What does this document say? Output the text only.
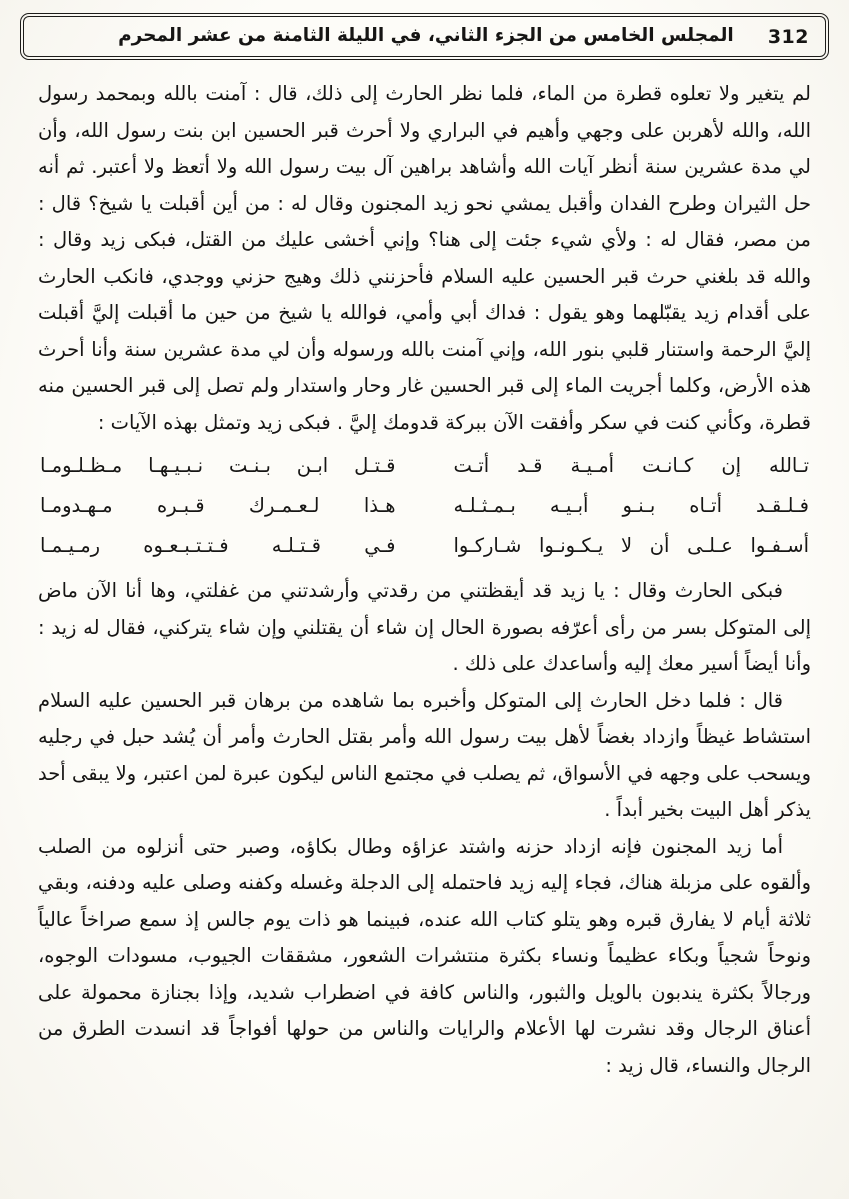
312
المجلس الخامس من الجزء الثاني، في الليلة الثامنة من عشر المحرم

لم يتغير ولا تعلوه قطرة من الماء، فلما نظر الحارث إلى ذلك، قال : آمنت بالله وبمحمد رسول الله، والله لأهربن على وجهي وأهيم في البراري ولا أحرث قبر الحسين ابن بنت رسول الله، وأن لي مدة عشرين سنة أنظر آيات الله وأشاهد براهين آل بيت رسول الله ولا أتعظ ولا أعتبر. ثم أنه حل الثيران وطرح الفدان وأقبل يمشي نحو زيد المجنون وقال له : من أين أقبلت يا شيخ؟ قال : من مصر، فقال له : ولأي شيء جئت إلى هنا؟ وإني أخشى عليك من القتل، فبكى زيد وقال : والله قد بلغني حرث قبر الحسين عليه السلام فأحزنني ذلك وهيج حزني ووجدي، فانكب الحارث على أقدام زيد يقبّلهما وهو يقول : فداك أبي وأمي، فوالله يا شيخ من حين ما أقبلت إليَّ أقبلت إليَّ الرحمة واستنار قلبي بنور الله، وإني آمنت بالله ورسوله وأن لي مدة عشرين سنة وأنا أحرث هذه الأرض، وكلما أجريت الماء إلى قبر الحسين غار وحار واستدار ولم تصل إلى قبر الحسين منه قطرة، وكأني كنت في سكر وأفقت الآن ببركة قدومك إليَّ . فبكى زيد وتمثل بهذه الآيات :

تـالله إن كـانـت أمـيـة قـد أتـت
قـتـل ابـن بـنـت نـبـيـهـا مـظـلـومـا
فـلـقـد أتـاه بـنـو أبـيـه بـمـثـلـه
هـذا لـعـمـرك قـبـره مـهـدومـا
أسـفـوا عـلـى أن لا يـكـونـوا شـاركـوا
فـي قـتـلـه فـتـتـبـعـوه رمـيـمـا

فبكى الحارث وقال : يا زيد قد أيقظتني من رقدتي وأرشدتني من غفلتي، وها أنا الآن ماض إلى المتوكل بسر من رأى أعرّفه بصورة الحال إن شاء أن يقتلني وإن شاء يتركني، فقال له زيد : وأنا أيضاً أسير معك إليه وأساعدك على ذلك .

قال : فلما دخل الحارث إلى المتوكل وأخبره بما شاهده من برهان قبر الحسين عليه السلام استشاط غيظاً وازداد بغضاً لأهل بيت رسول الله وأمر بقتل الحارث وأمر أن يُشد حبل في رجليه ويسحب على وجهه في الأسواق، ثم يصلب في مجتمع الناس ليكون عبرة لمن اعتبر، ولا يبقى أحد يذكر أهل البيت بخير أبداً .

أما زيد المجنون فإنه ازداد حزنه واشتد عزاؤه وطال بكاؤه، وصبر حتى أنزلوه من الصلب وألقوه على مزبلة هناك، فجاء إليه زيد فاحتمله إلى الدجلة وغسله وكفنه وصلى عليه ودفنه، وبقي ثلاثة أيام لا يفارق قبره وهو يتلو كتاب الله عنده، فبينما هو ذات يوم جالس إذ سمع صراخاً عالياً ونوحاً شجياً وبكاء عظيماً ونساء بكثرة منتشرات الشعور، مشققات الجيوب، مسودات الوجوه، ورجالاً بكثرة يندبون بالويل والثبور، والناس كافة في اضطراب شديد، وإذا بجنازة محمولة على أعناق الرجال وقد نشرت لها الأعلام والرايات والناس من حولها أفواجاً قد انسدت الطرق من الرجال والنساء، قال زيد :
